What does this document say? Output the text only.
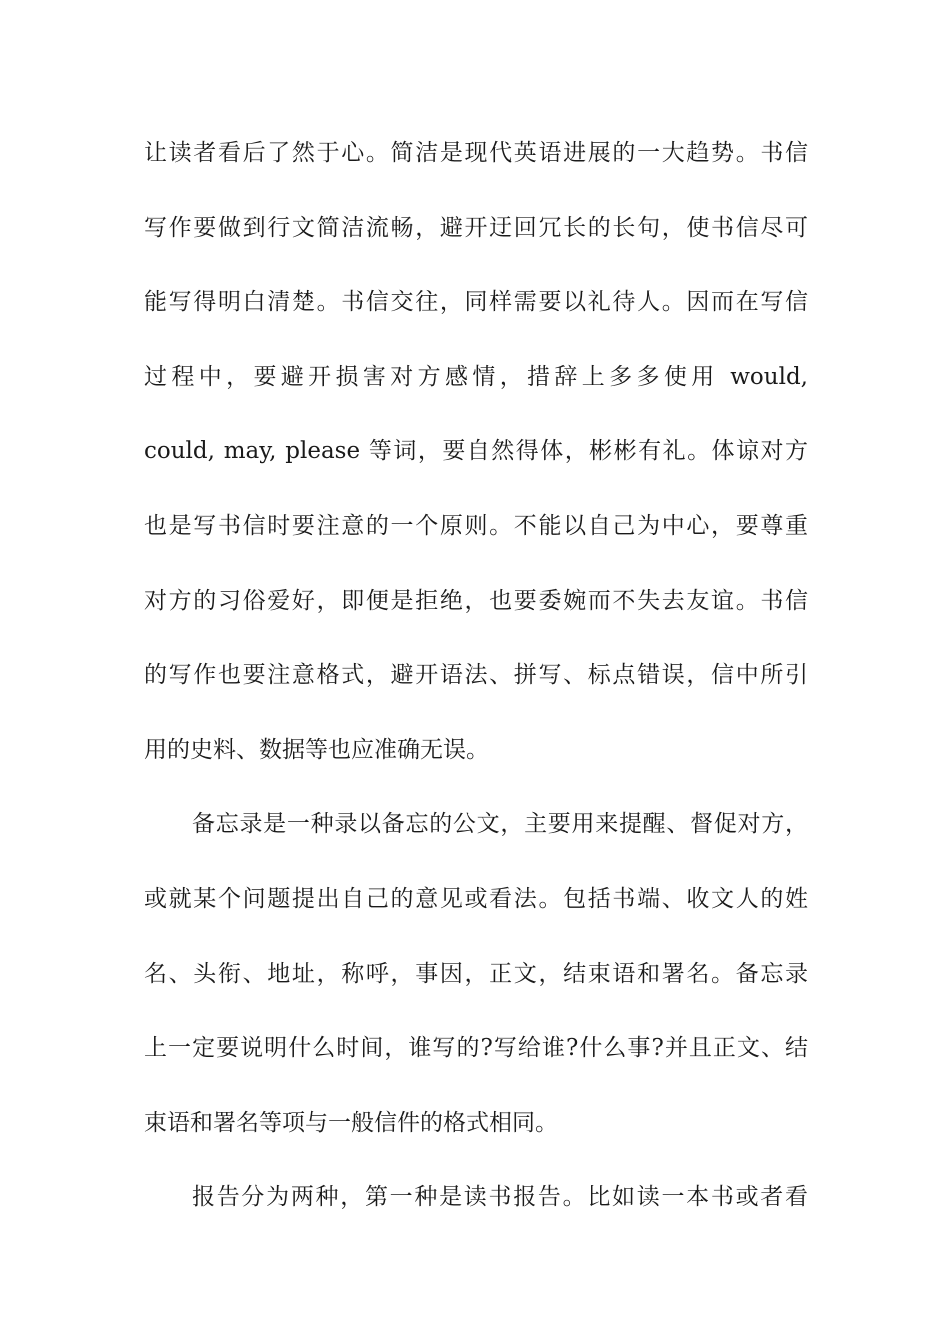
让读者看后了然于心。简洁是现代英语进展的一大趋势。书信
写作要做到行文简洁流畅，避开迂回冗长的长句，使书信尽可
能写得明白清楚。书信交往，同样需要以礼待人。因而在写信
过程中，要避开损害对方感情，措辞上多多使用 would,
could, may, please 等词，要自然得体，彬彬有礼。体谅对方
也是写书信时要注意的一个原则。不能以自己为中心，要尊重
对方的习俗爱好，即便是拒绝，也要委婉而不失去友谊。书信
的写作也要注意格式，避开语法、拼写、标点错误，信中所引
用的史料、数据等也应准确无误。
备忘录是一种录以备忘的公文，主要用来提醒、督促对方，
或就某个问题提出自己的意见或看法。包括书端、收文人的姓
名、头衔、地址，称呼，事因，正文，结束语和署名。备忘录
上一定要说明什么时间，谁写的?写给谁?什么事?并且正文、结
束语和署名等项与一般信件的格式相同。
报告分为两种，第一种是读书报告。比如读一本书或者看
